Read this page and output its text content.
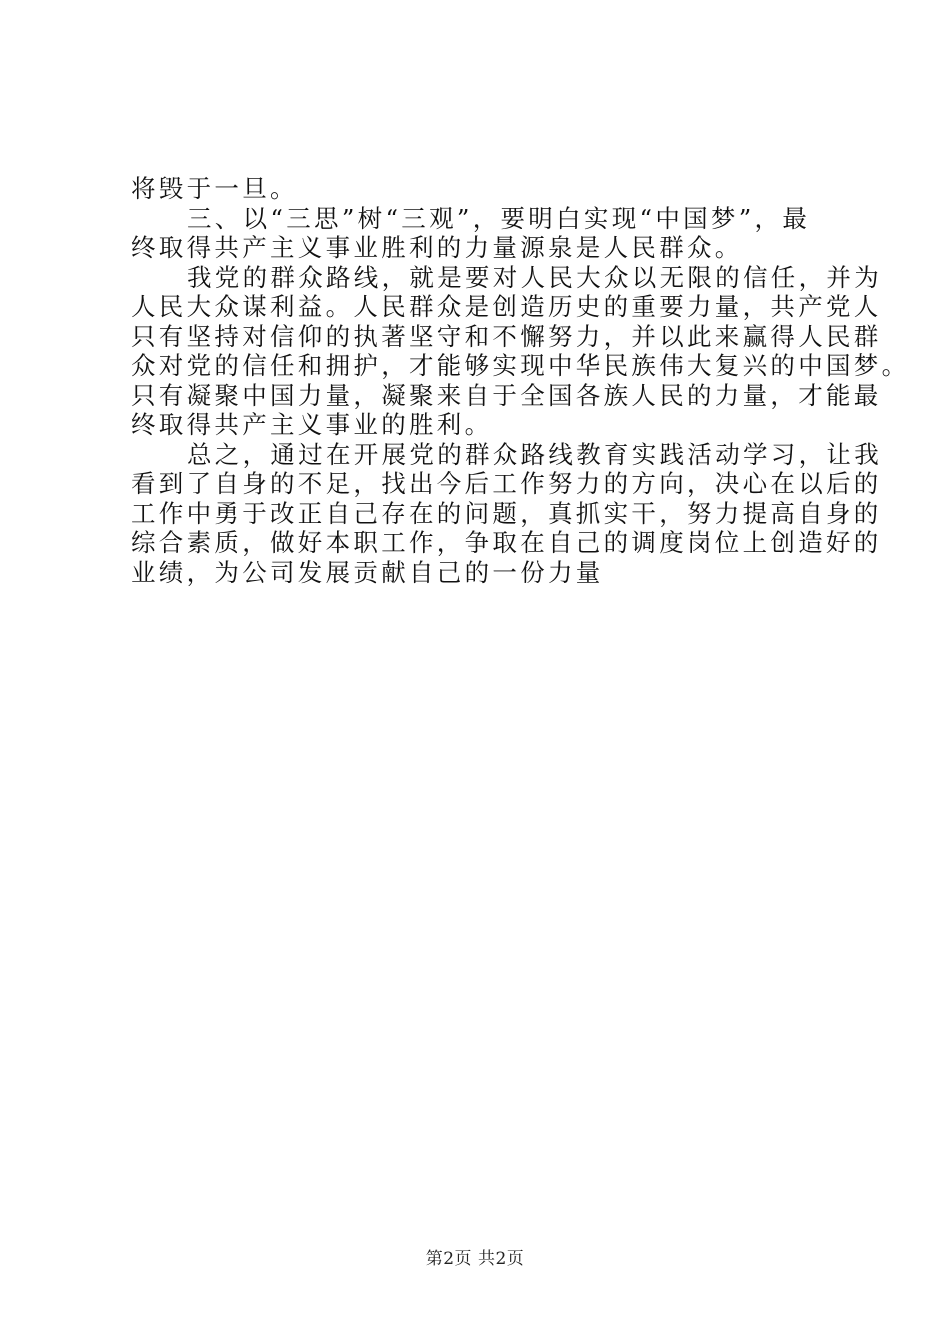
将毁于一旦。
三、以“三思”树“三观”，要明白实现“中国梦”，最
终取得共产主义事业胜利的力量源泉是人民群众。
我党的群众路线，就是要对人民大众以无限的信任，并为
人民大众谋利益。人民群众是创造历史的重要力量，共产党人
只有坚持对信仰的执著坚守和不懈努力，并以此来赢得人民群
众对党的信任和拥护，才能够实现中华民族伟大复兴的中国梦。
只有凝聚中国力量，凝聚来自于全国各族人民的力量，才能最
终取得共产主义事业的胜利。
总之，通过在开展党的群众路线教育实践活动学习，让我
看到了自身的不足，找出今后工作努力的方向，决心在以后的
工作中勇于改正自己存在的问题，真抓实干，努力提高自身的
综合素质，做好本职工作，争取在自己的调度岗位上创造好的
业绩，为公司发展贡献自己的一份力量
第2页 共2页
